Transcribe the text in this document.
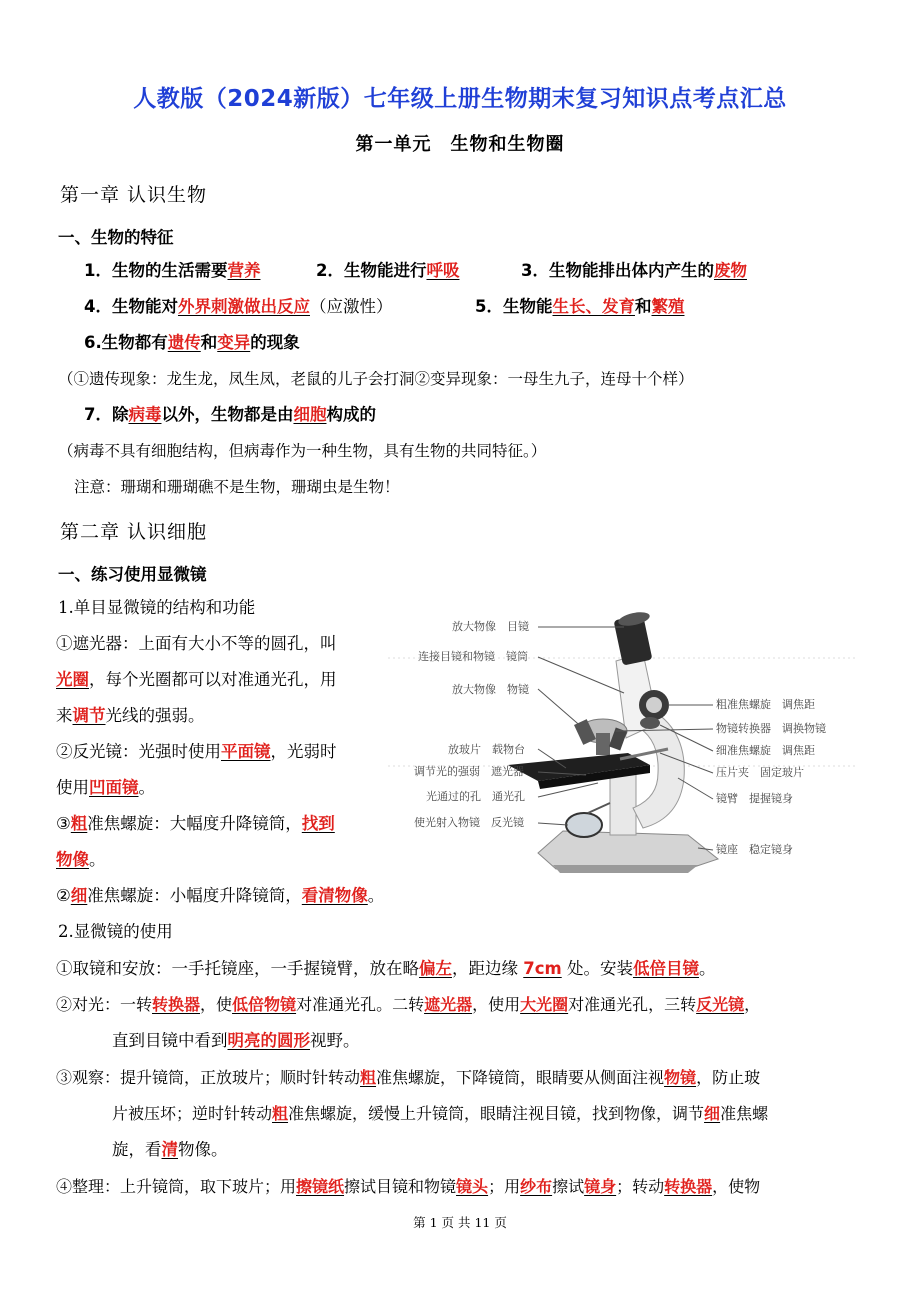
人教版（2024新版）七年级上册生物期末复习知识点考点汇总
第一单元　生物和生物圈
第一章 认识生物
一、生物的特征
1．生物的生活需要营养	2．生物能进行呼吸	3．生物能排出体内产生的废物
4．生物能对外界刺激做出反应（应激性）	5．生物能生长、发育和繁殖
6.生物都有遗传和变异的现象
（①遗传现象：龙生龙，凤生凤，老鼠的儿子会打洞②变异现象：一母生九子，连母十个样）
7．除病毒以外，生物都是由细胞构成的
（病毒不具有细胞结构，但病毒作为一种生物，具有生物的共同特征。）
注意：珊瑚和珊瑚礁不是生物，珊瑚虫是生物！
第二章 认识细胞
一、练习使用显微镜
1.单目显微镜的结构和功能
①遮光器：上面有大小不等的圆孔，叫
光圈，每个光圈都可以对准通光孔，用
来调节光线的强弱。
②反光镜：光强时使用平面镜，光弱时
使用凹面镜。
③粗准焦螺旋：大幅度升降镜筒，找到
物像。
②细准焦螺旋：小幅度升降镜筒，看清物像。
2.显微镜的使用
①取镜和安放：一手托镜座，一手握镜臂，放在略偏左，距边缘 7cm 处。安装低倍目镜。
②对光：一转转换器，使低倍物镜对准通光孔。二转遮光器，使用大光圈对准通光孔，三转反光镜，
直到目镜中看到明亮的圆形视野。
③观察：提升镜筒，正放玻片；顺时针转动粗准焦螺旋，下降镜筒，眼睛要从侧面注视物镜，防止玻
片被压坏；逆时针转动粗准焦螺旋，缓慢上升镜筒，眼睛注视目镜，找到物像，调节细准焦螺
旋，看清物像。
④整理：上升镜筒，取下玻片；用擦镜纸擦试目镜和物镜镜头；用纱布擦试镜身；转动转换器，使物
放大物像　目镜
连接目镜和物镜　镜筒
放大物像　物镜
放玻片　载物台
调节光的强弱　遮光器
光通过的孔　通光孔
使光射入物镜　反光镜
粗准焦螺旋　调焦距
物镜转换器　调换物镜
细准焦螺旋　调焦距
压片夹　固定玻片
镜臂　提握镜身
镜座　稳定镜身
第 1 页 共 11 页
